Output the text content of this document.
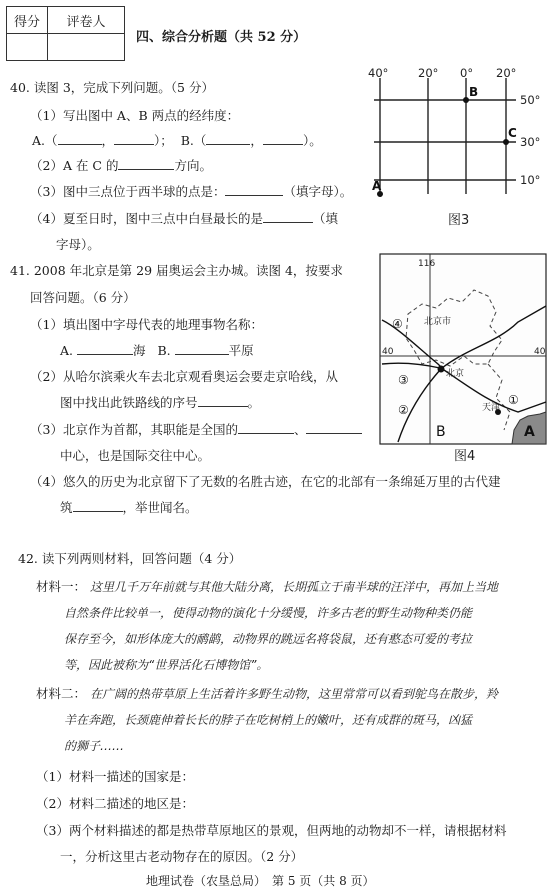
得分	评卷人

四、综合分析题（共 52 分）
40. 读图 3，完成下列问题。（5 分）
（1）写出图中 A、B 两点的经纬度：
A.（	，	）； B.（	，	）。
（2）A 在 C 的	方向。
（3）图中三点位于西半球的点是：	（填字母）。
（4）夏至日时，图中三点中白昼最长的是	（填
字母）。
40°	20° 0° 20°
50°
30°
10°
A
B
C
图3
41. 2008 年北京是第 29 届奥运会主办城。读图 4，按要求
回答问题。（6 分）
（1）填出图中字母代表的地理事物名称：
A.	海 B.	平原
（2）从哈尔滨乘火车去北京观看奥运会要走京哈线，从
图中找出此铁路线的序号	。
（3）北京作为首都，其职能是全国的	、
中心，也是国际交往中心。
（4）悠久的历史为北京留下了无数的名胜古迹，在它的北部有一条绵延万里的古代建
筑	，举世闻名。
116
40	40
北京市
北京
天津
④
③
②
①
A
B
图4
42. 读下列两则材料，回答问题（4 分）
材料一： 这里几千万年前就与其他大陆分离，长期孤立于南半球的汪洋中，再加上当地
自然条件比较单一，使得动物的演化十分缓慢，许多古老的野生动物种类仍能
保存至今，如形体庞大的鸸鹋，动物界的跳远名将袋鼠，还有憨态可爱的考拉
等，因此被称为“世界活化石博物馆”。
材料二： 在广阔的热带草原上生活着许多野生动物，这里常常可以看到鸵鸟在散步，羚
羊在奔跑，长颈鹿伸着长长的脖子在吃树梢上的嫩叶，还有成群的斑马，凶猛
的狮子……
（1）材料一描述的国家是：
（2）材料二描述的地区是：
（3）两个材料描述的都是热带草原地区的景观，但两地的动物却不一样，请根据材料
一，分析这里古老动物存在的原因。（2 分）
地理试卷（农垦总局）　第 5 页（共 8 页）
